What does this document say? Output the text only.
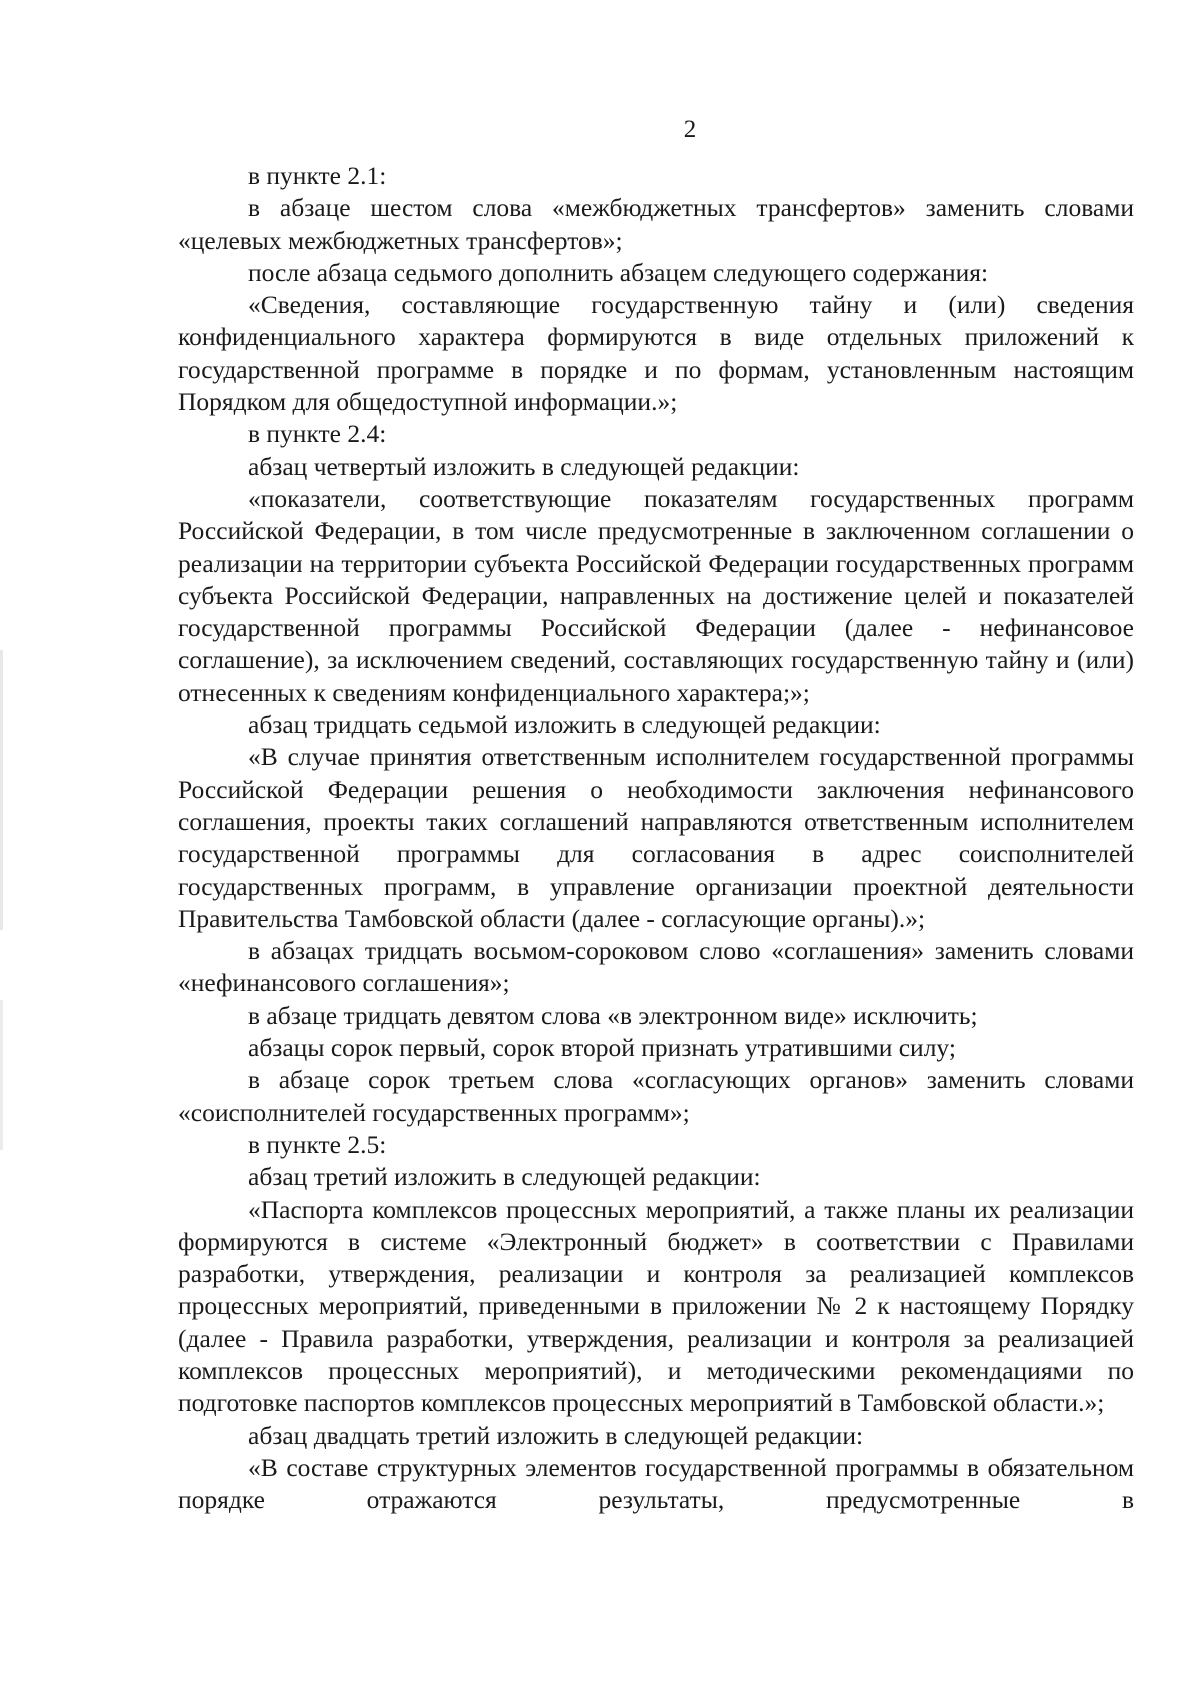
2

в пункте 2.1:

в абзаце шестом слова «межбюджетных трансфертов» заменить словами «целевых межбюджетных трансфертов»;

после абзаца седьмого дополнить абзацем следующего содержания:

«Сведения, составляющие государственную тайну и (или) сведения конфиденциального характера формируются в виде отдельных приложений к государственной программе в порядке и по формам, установленным настоящим Порядком для общедоступной информации.»;

в пункте 2.4:

абзац четвертый изложить в следующей редакции:

«показатели, соответствующие показателям государственных программ Российской Федерации, в том числе предусмотренные в заключенном соглашении о реализации на территории субъекта Российской Федерации государственных программ субъекта Российской Федерации, направленных на достижение целей и показателей государственной программы Российской Федерации (далее - нефинансовое соглашение), за исключением сведений, составляющих государственную тайну и (или) отнесенных к сведениям конфиденциального характера;»;

абзац тридцать седьмой изложить в следующей редакции:

«В случае принятия ответственным исполнителем государственной программы Российской Федерации решения о необходимости заключения нефинансового соглашения, проекты таких соглашений направляются ответственным исполнителем государственной программы для согласования в адрес соисполнителей государственных программ, в управление организации проектной деятельности Правительства Тамбовской области (далее - согласующие органы).»;

в абзацах тридцать восьмом-сороковом слово «соглашения» заменить словами «нефинансового соглашения»;

в абзаце тридцать девятом слова «в электронном виде» исключить;

абзацы сорок первый, сорок второй признать утратившими силу;

в абзаце сорок третьем слова «согласующих органов» заменить словами «соисполнителей государственных программ»;

в пункте 2.5:

абзац третий изложить в следующей редакции:

«Паспорта комплексов процессных мероприятий, а также планы их реализации формируются в системе «Электронный бюджет» в соответствии с Правилами разработки, утверждения, реализации и контроля за реализацией комплексов процессных мероприятий, приведенными в приложении № 2 к настоящему Порядку (далее - Правила разработки, утверждения, реализации и контроля за реализацией комплексов процессных мероприятий), и методическими рекомендациями по подготовке паспортов комплексов процессных мероприятий в Тамбовской области.»;

абзац двадцать третий изложить в следующей редакции:

«В составе структурных элементов государственной программы в обязательном порядке отражаются результаты, предусмотренные в
